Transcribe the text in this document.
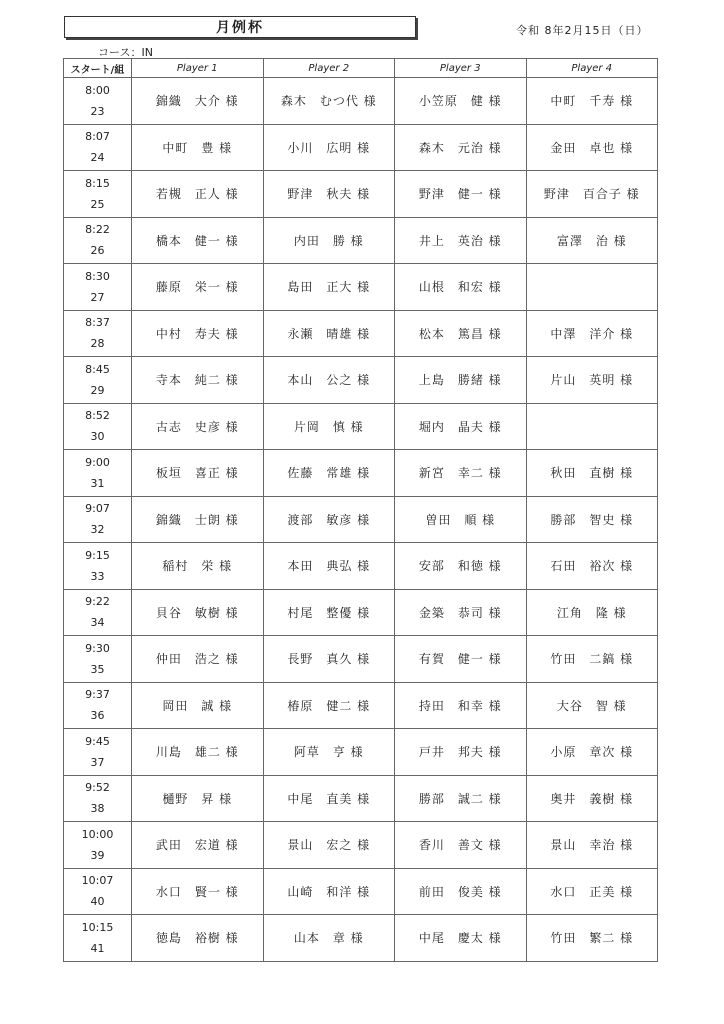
月例杯	令和 8年2月15日（日）
コース：IN
スタート/組	Player 1	Player 2	Player 3	Player 4

8:00
23	錦織　大介 様	森木　むつ代 様	小笠原　健 様	中町　千寿 様

8:07
24	中町　豊 様	小川　広明 様	森木　元治 様	金田　卓也 様

8:15
25	若槻　正人 様	野津　秋夫 様	野津　健一 様	野津　百合子 様

8:22
26	橋本　健一 様	内田　勝 様	井上　英治 様	富澤　治 様

8:30
27	藤原　栄一 様	島田　正大 様	山根　和宏 様	

8:37
28	中村　寿夫 様	永瀬　晴雄 様	松本　篤昌 様	中澤　洋介 様

8:45
29	寺本　純二 様	本山　公之 様	上島　勝緒 様	片山　英明 様

8:52
30	古志　史彦 様	片岡　慎 様	堀内　晶夫 様	

9:00
31	板垣　喜正 様	佐藤　常雄 様	新宮　幸二 様	秋田　直樹 様

9:07
32	錦織　士朗 様	渡部　敏彦 様	曽田　順 様	勝部　智史 様

9:15
33	稲村　栄 様	本田　典弘 様	安部　和徳 様	石田　裕次 様

9:22
34	貝谷　敏樹 様	村尾　整優 様	金築　恭司 様	江角　隆 様

9:30
35	仲田　浩之 様	長野　真久 様	有賀　健一 様	竹田　二鎬 様

9:37
36	岡田　誠 様	椿原　健二 様	持田　和幸 様	大谷　智 様

9:45
37	川島　雄二 様	阿草　亨 様	戸井　邦夫 様	小原　章次 様

9:52
38	樋野　昇 様	中尾　直美 様	勝部　誠二 様	奥井　義樹 様

10:00
39	武田　宏道 様	景山　宏之 様	香川　善文 様	景山　幸治 様

10:07
40	水口　賢一 様	山崎　和洋 様	前田　俊美 様	水口　正美 様

10:15
41	徳島　裕樹 様	山本　章 様	中尾　慶太 様	竹田　繁二 様
